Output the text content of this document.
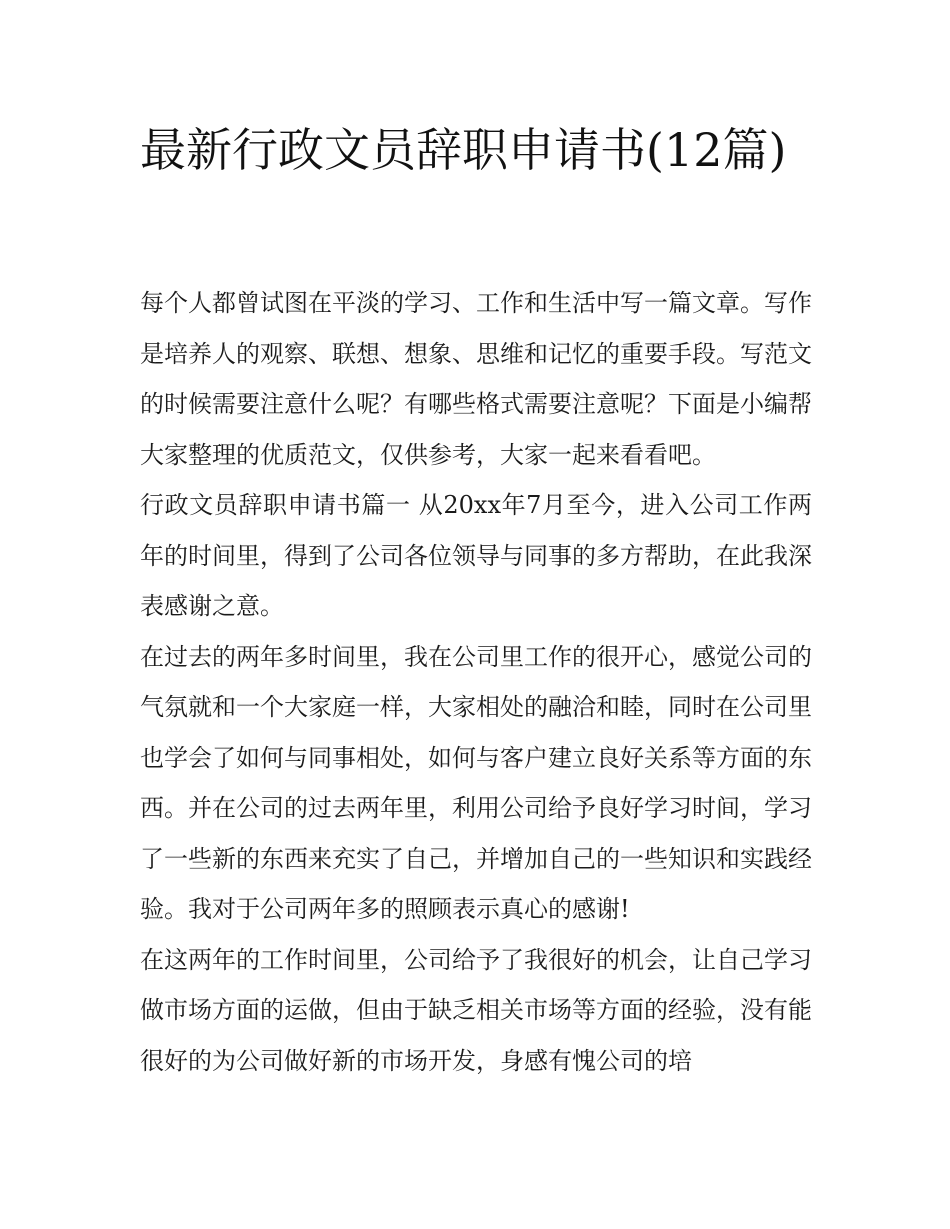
最新行政文员辞职申请书(12篇)

每个人都曾试图在平淡的学习、工作和生活中写一篇文章。写作是培养人的观察、联想、想象、思维和记忆的重要手段。写范文的时候需要注意什么呢？有哪些格式需要注意呢？下面是小编帮大家整理的优质范文，仅供参考，大家一起来看看吧。

行政文员辞职申请书篇一 从20xx年7月至今，进入公司工作两年的时间里，得到了公司各位领导与同事的多方帮助，在此我深表感谢之意。

在过去的两年多时间里，我在公司里工作的很开心，感觉公司的气氛就和一个大家庭一样，大家相处的融洽和睦，同时在公司里也学会了如何与同事相处，如何与客户建立良好关系等方面的东西。并在公司的过去两年里，利用公司给予良好学习时间，学习了一些新的东西来充实了自己，并增加自己的一些知识和实践经验。我对于公司两年多的照顾表示真心的感谢!

在这两年的工作时间里，公司给予了我很好的机会，让自己学习做市场方面的运做，但由于缺乏相关市场等方面的经验，没有能很好的为公司做好新的市场开发，身感有愧公司的培
